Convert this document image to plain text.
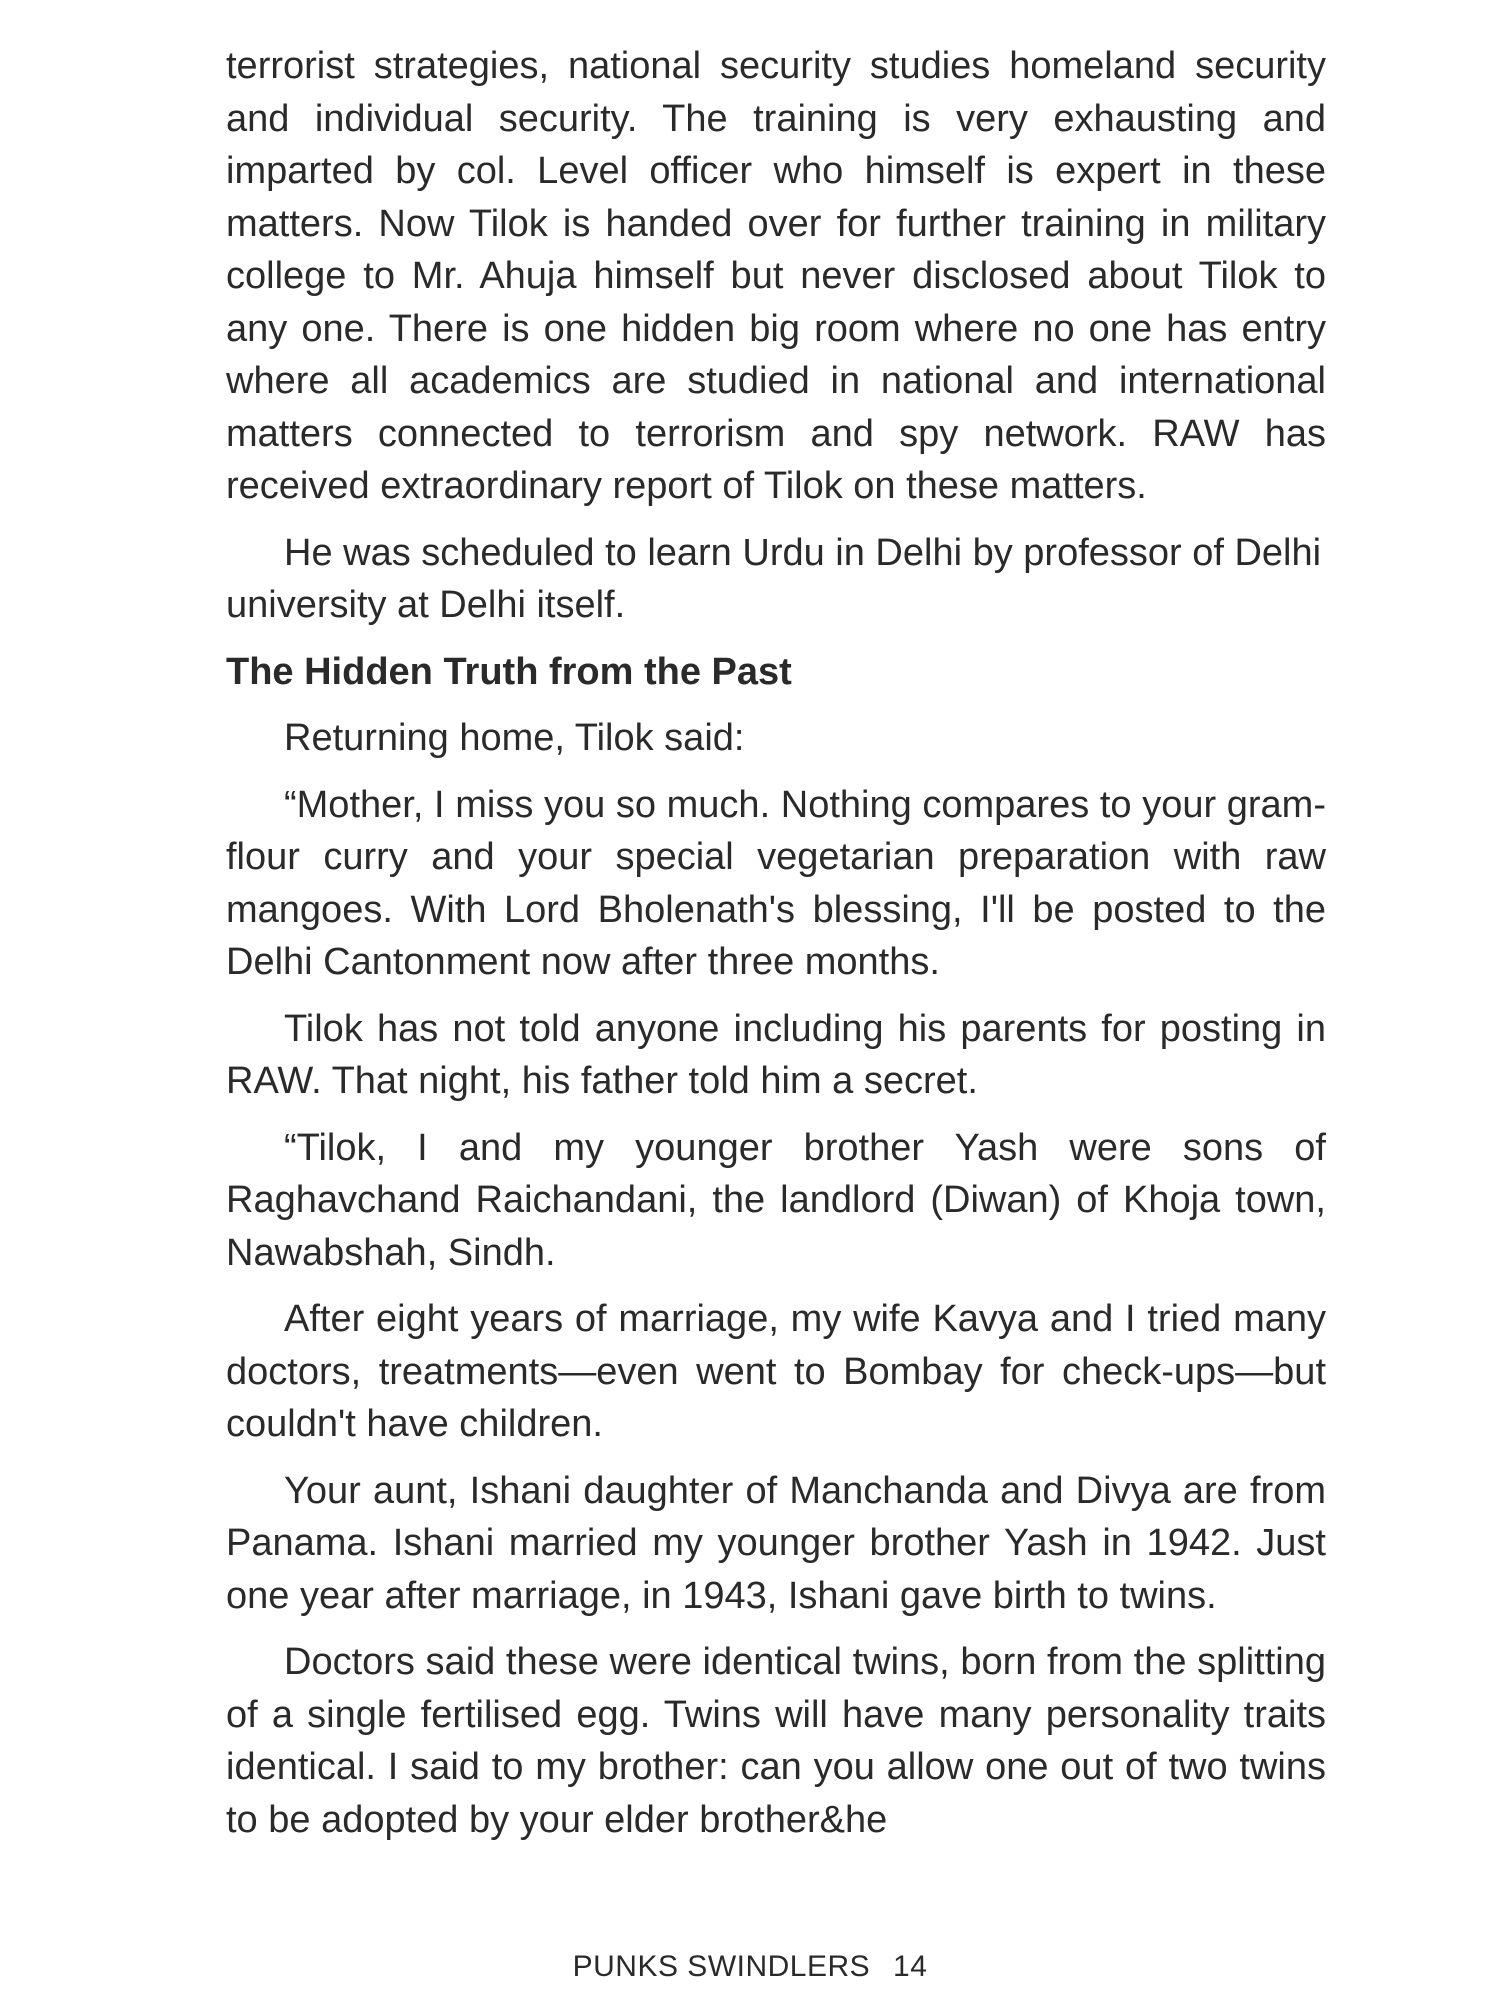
terrorist strategies, national security studies homeland security and individual security. The training is very exhausting and imparted by col. Level officer who himself is expert in these matters. Now Tilok is handed over for further training in military college to Mr. Ahuja himself but never disclosed about Tilok to any one. There is one hidden big room where no one has entry where all academics are studied in national and international matters connected to terrorism and spy network. RAW has received extraordinary report of Tilok on these matters.

He was scheduled to learn Urdu in Delhi by professor of Delhi university at Delhi itself.

The Hidden Truth from the Past

Returning home, Tilok said:

“Mother, I miss you so much. Nothing compares to your gram-flour curry and your special vegetarian preparation with raw mangoes. With Lord Bholenath's blessing, I'll be posted to the Delhi Cantonment now after three months.

Tilok has not told anyone including his parents for posting in RAW. That night, his father told him a secret.

“Tilok, I and my younger brother Yash were sons of Raghavchand Raichandani, the landlord (Diwan) of Khoja town, Nawabshah, Sindh.

After eight years of marriage, my wife Kavya and I tried many doctors, treatments—even went to Bombay for check-ups—but couldn't have children.

Your aunt, Ishani daughter of Manchanda and Divya are from Panama. Ishani married my younger brother Yash in 1942. Just one year after marriage, in 1943, Ishani gave birth to twins.

Doctors said these were identical twins, born from the splitting of a single fertilised egg. Twins will have many personality traits identical. I said to my brother: can you allow one out of two twins to be adopted by your elder brother&he

PUNKS SWINDLERS 14
